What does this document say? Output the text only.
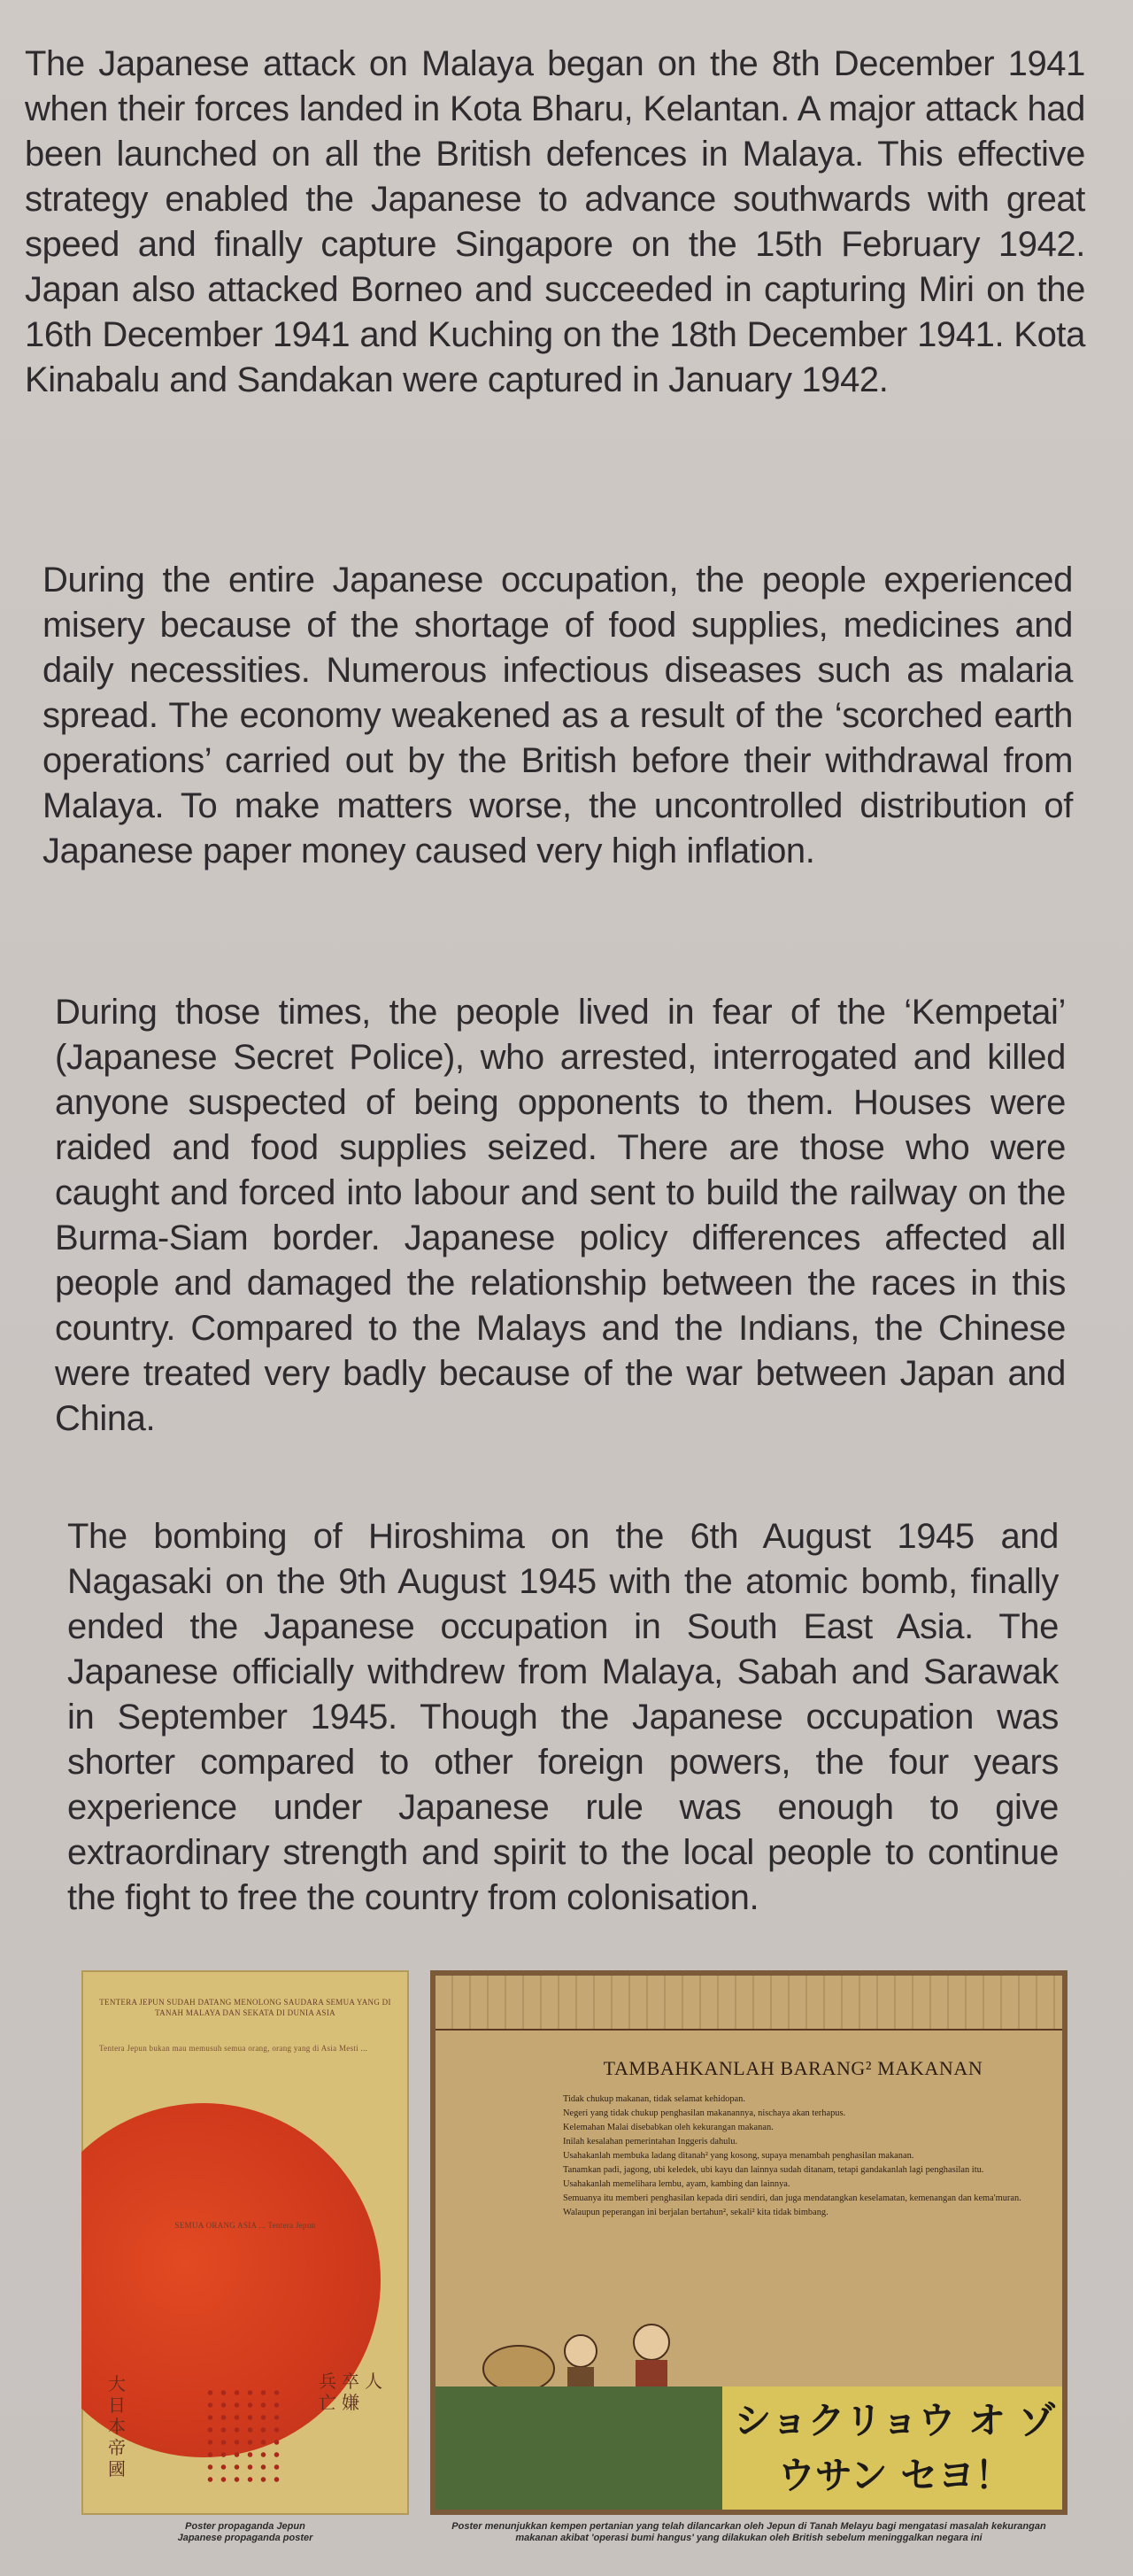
The Japanese attack on Malaya began on the 8th December 1941 when their forces landed in Kota Bharu, Kelantan. A major attack had been launched on all the British defences in Malaya. This effective strategy enabled the Japanese to advance southwards with great speed and finally capture Singapore on the 15th February 1942. Japan also attacked Borneo and succeeded in capturing Miri on the 16th December 1941 and Kuching on the 18th December 1941. Kota Kinabalu and Sandakan were captured in January 1942.

During the entire Japanese occupation, the people experienced misery because of the shortage of food supplies, medicines and daily necessities. Numerous infectious diseases such as malaria spread. The economy weakened as a result of the ‘scorched earth operations’ carried out by the British before their withdrawal from Malaya. To make matters worse, the uncontrolled distribution of Japanese paper money caused very high inflation.

During those times, the people lived in fear of the ‘Kempetai’ (Japanese Secret Police), who arrested, interrogated and killed anyone suspected of being opponents to them. Houses were raided and food supplies seized. There are those who were caught and forced into labour and sent to build the railway on the Burma-Siam border. Japanese policy differences affected all people and damaged the relationship between the races in this country. Compared to the Malays and the Indians, the Chinese were treated very badly because of the war between Japan and China.

The bombing of Hiroshima on the 6th August 1945 and Nagasaki on the 9th August 1945 with the atomic bomb, finally ended the Japanese occupation in South East Asia. The Japanese officially withdrew from Malaya, Sabah and Sarawak in September 1945. Though the Japanese occupation was shorter compared to other foreign powers, the four years experience under Japanese rule was enough to give extraordinary strength and spirit to the local people to continue the fight to free the country from colonisation.

TENTERA JEPUN SUDAH DATANG MENOLONG SAUDARA SEMUA YANG DI TANAH MALAYA DAN SEKATA DI DUNIA ASIA
Tentera Jepun bukan mau memusuh semua orang, orang yang di Asia Mesti ...
SEMUA ORANG ASIA ... Tentera Jepun
大日本帝國
兵亡
卒嫌
人
TAMBAHKANLAH BARANG² MAKANAN
Tidak chukup makanan, tidak selamat kehidopan.
Negeri yang tidak chukup penghasilan makanannya, nischaya akan terhapus.
Kelemahan Malai disebabkan oleh kekurangan makanan.
Inilah kesalahan pemerintahan Inggeris dahulu.
Usahakanlah membuka ladang ditanah² yang kosong, supaya menambah penghasilan makanan.
Tanamkan padi, jagong, ubi keledek, ubi kayu dan lainnya sudah ditanam, tetapi gandakanlah lagi penghasilan itu.
Usahakanlah memelihara lembu, ayam, kambing dan lainnya.
Semuanya itu memberi penghasilan kepada diri sendiri, dan juga mendatangkan keselamatan, kemenangan dan kema'muran.
Walaupun peperangan ini berjalan bertahun², sekali² kita tidak bimbang.
ショクリョウ オ ゾウサン セヨ！
Poster propaganda Jepun
Japanese propaganda poster
Poster menunjukkan kempen pertanian yang telah dilancarkan oleh Jepun di Tanah Melayu bagi mengatasi masalah kekurangan makanan akibat 'operasi bumi hangus' yang dilakukan oleh British sebelum meninggalkan negara ini
